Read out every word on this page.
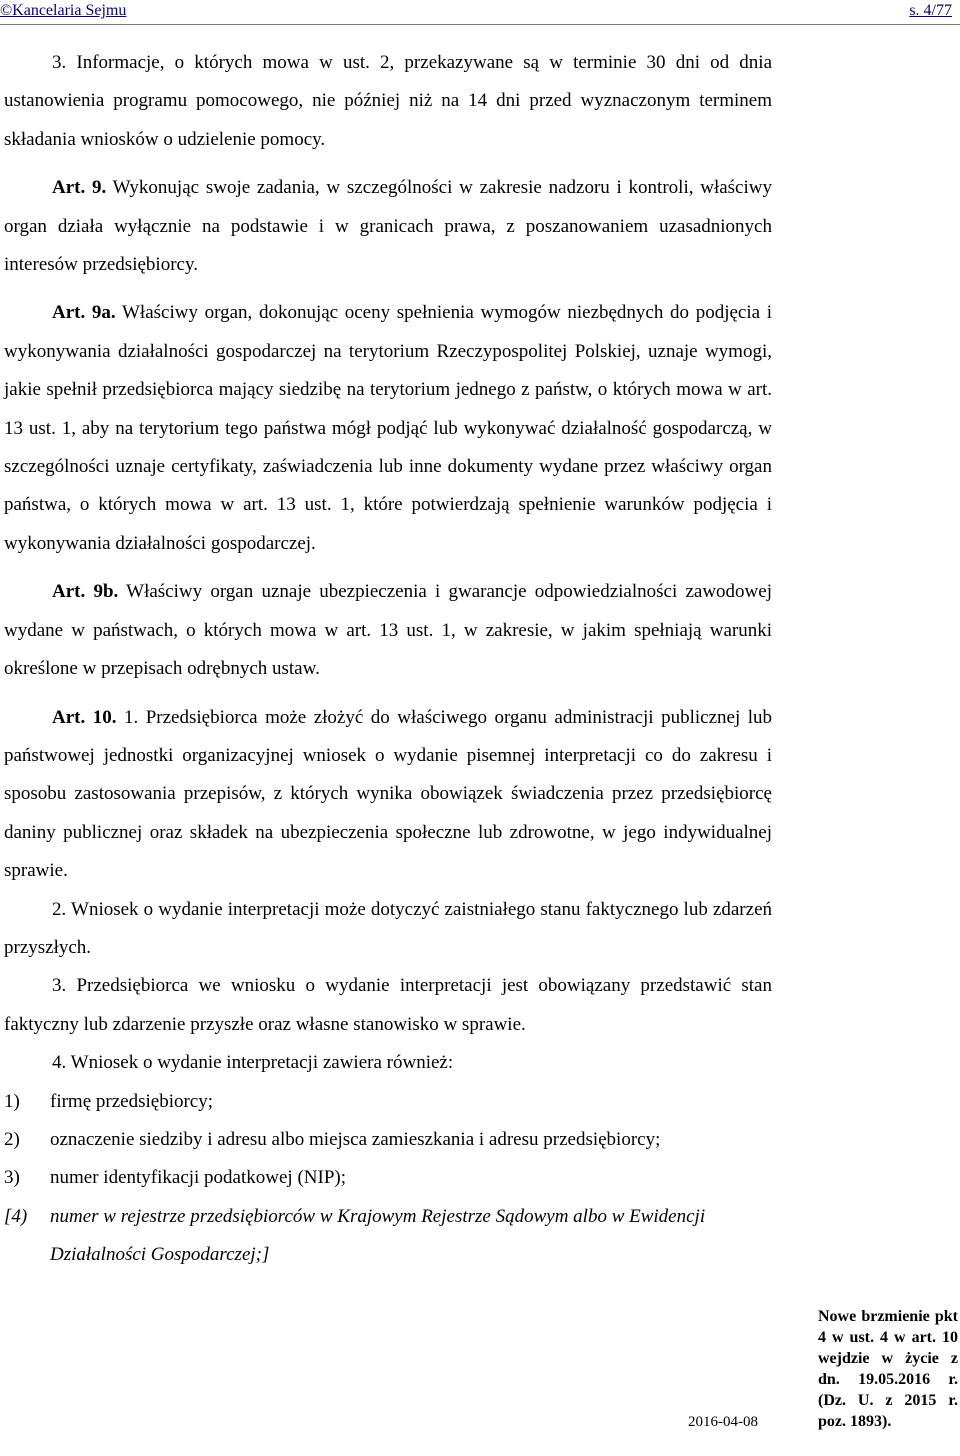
©Kancelaria Sejmu	s. 4/77

3. Informacje, o których mowa w ust. 2, przekazywane są w terminie 30 dni od dnia ustanowienia programu pomocowego, nie później niż na 14 dni przed wyznaczonym terminem składania wniosków o udzielenie pomocy.

Art. 9. Wykonując swoje zadania, w szczególności w zakresie nadzoru i kontroli, właściwy organ działa wyłącznie na podstawie i w granicach prawa, z poszanowaniem uzasadnionych interesów przedsiębiorcy.

Art. 9a. Właściwy organ, dokonując oceny spełnienia wymogów niezbędnych do podjęcia i wykonywania działalności gospodarczej na terytorium Rzeczypospolitej Polskiej, uznaje wymogi, jakie spełnił przedsiębiorca mający siedzibę na terytorium jednego z państw, o których mowa w art. 13 ust. 1, aby na terytorium tego państwa mógł podjąć lub wykonywać działalność gospodarczą, w szczególności uznaje certyfikaty, zaświadczenia lub inne dokumenty wydane przez właściwy organ państwa, o których mowa w art. 13 ust. 1, które potwierdzają spełnienie warunków podjęcia i wykonywania działalności gospodarczej.

Art. 9b. Właściwy organ uznaje ubezpieczenia i gwarancje odpowiedzialności zawodowej wydane w państwach, o których mowa w art. 13 ust. 1, w zakresie, w jakim spełniają warunki określone w przepisach odrębnych ustaw.

Art. 10. 1. Przedsiębiorca może złożyć do właściwego organu administracji publicznej lub państwowej jednostki organizacyjnej wniosek o wydanie pisemnej interpretacji co do zakresu i sposobu zastosowania przepisów, z których wynika obowiązek świadczenia przez przedsiębiorcę daniny publicznej oraz składek na ubezpieczenia społeczne lub zdrowotne, w jego indywidualnej sprawie.

2. Wniosek o wydanie interpretacji może dotyczyć zaistniałego stanu faktycznego lub zdarzeń przyszłych.

3. Przedsiębiorca we wniosku o wydanie interpretacji jest obowiązany przedstawić stan faktyczny lub zdarzenie przyszłe oraz własne stanowisko w sprawie.

4. Wniosek o wydanie interpretacji zawiera również:

1) firmę przedsiębiorcy;
2) oznaczenie siedziby i adresu albo miejsca zamieszkania i adresu przedsiębiorcy;
3) numer identyfikacji podatkowej (NIP);
[4) numer w rejestrze przedsiębiorców w Krajowym Rejestrze Sądowym albo w Ewidencji Działalności Gospodarczej;]
Nowe brzmienie pkt 4 w ust. 4 w art. 10 wejdzie w życie z dn. 19.05.2016 r. (Dz. U. z 2015 r. poz. 1893).
2016-04-08
